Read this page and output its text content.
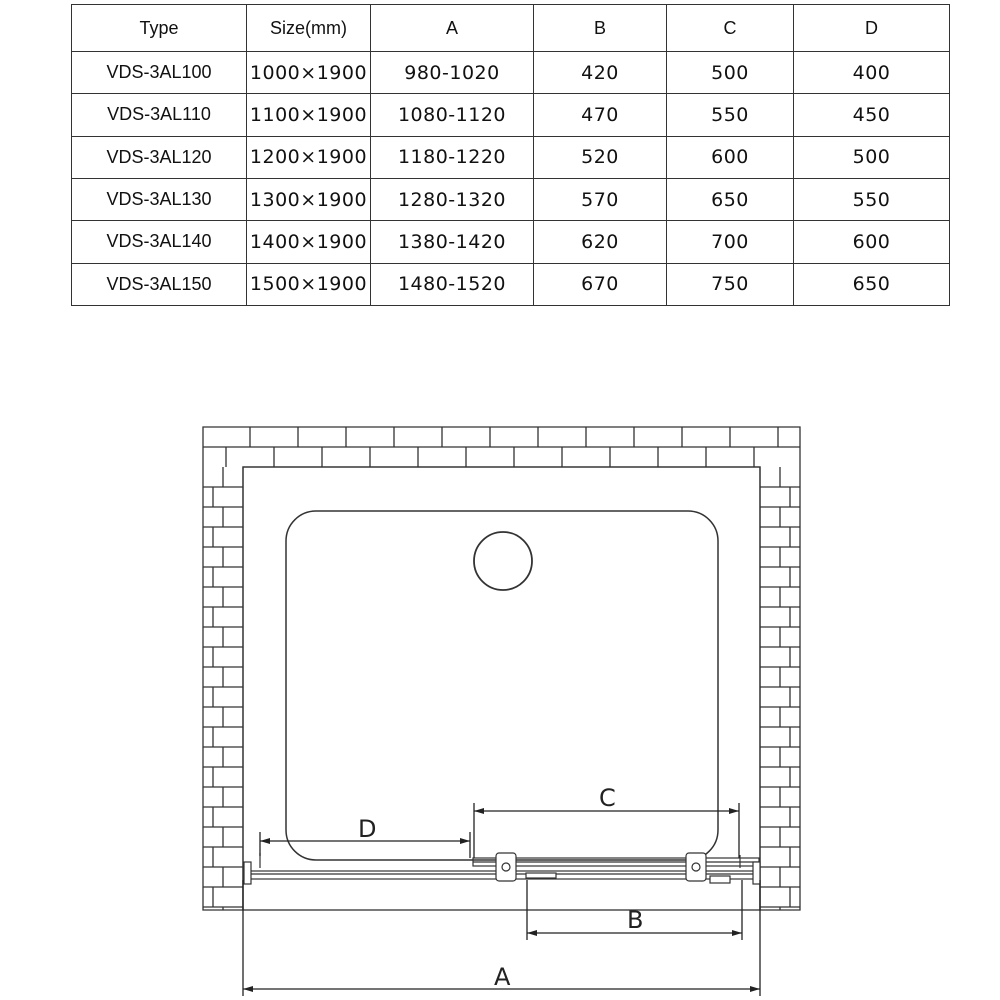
Type	Size(mm)	A	B	C	D
VDS-3AL100	1000×1900	980-1020	420	500	400
VDS-3AL110	1100×1900	1080-1120	470	550	450
VDS-3AL120	1200×1900	1180-1220	520	600	500
VDS-3AL130	1300×1900	1280-1320	570	650	550
VDS-3AL140	1400×1900	1380-1420	620	700	600
VDS-3AL150	1500×1900	1480-1520	670	750	650
D
C
B
A
